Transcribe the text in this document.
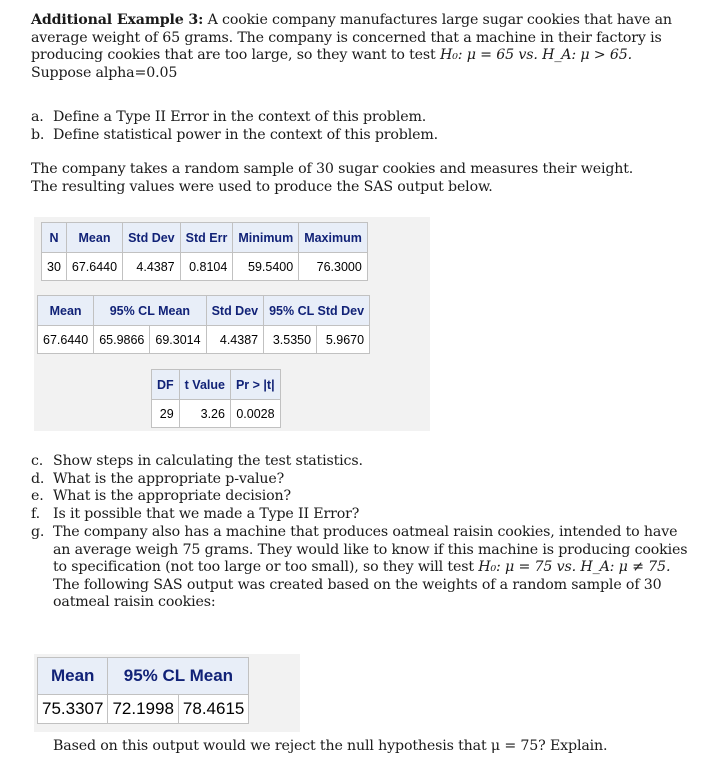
Additional Example 3: A cookie company manufactures large sugar cookies that have an
average weight of 65 grams. The company is concerned that a machine in their factory is
producing cookies that are too large, so they want to test H₀: μ = 65 vs. H_A: μ > 65.
Suppose alpha=0.05
a. Define a Type II Error in the context of this problem.
b. Define statistical power in the context of this problem.
The company takes a random sample of 30 sugar cookies and measures their weight. The resulting values were used to produce the SAS output below.
N	Mean	Std Dev	Std Err	Minimum	Maximum
30	67.6440	4.4387	0.8104	59.5400	76.3000
Mean	95% CL Mean		Std Dev	95% CL Std Dev	
67.6440	65.9866	69.3014	4.4387	3.5350	5.9670
DF	t Value	Pr > |t|
29	3.26	0.0028
c. Show steps in calculating the test statistics.
d. What is the appropriate p-value?
e. What is the appropriate decision?
f. Is it possible that we made a Type II Error?
g. The company also has a machine that produces oatmeal raisin cookies, intended to have
an average weigh 75 grams. They would like to know if this machine is producing cookies
to specification (not too large or too small), so they will test H₀: μ = 75 vs. H_A: μ ≠ 75.
The following SAS output was created based on the weights of a random sample of 30
oatmeal raisin cookies:
Mean	95% CL Mean	
75.3307	72.1998	78.4615
Based on this output would we reject the null hypothesis that μ = 75? Explain.
